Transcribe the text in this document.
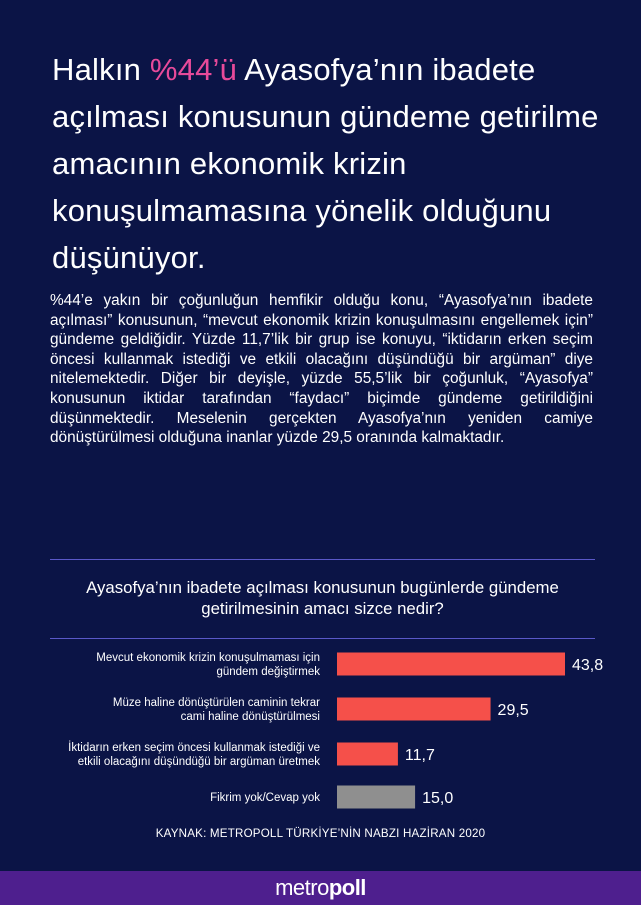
Halkın %44’ü Ayasofya’nın ibadete açılması konusunun gündeme getirilme amacının ekonomik krizin konuşulmamasına yönelik olduğunu düşünüyor.

%44’e yakın bir çoğunluğun hemfikir olduğu konu, “Ayasofya’nın ibadete açılması” konusunun, “mevcut ekonomik krizin konuşulmasını engellemek için” gündeme geldiğidir. Yüzde 11,7’lik bir grup ise konuyu, “iktidarın erken seçim öncesi kullanmak istediği ve etkili olacağını düşündüğü bir argüman” diye nitelemektedir. Diğer bir deyişle, yüzde 55,5’lik bir çoğunluk, “Ayasofya” konusunun iktidar tarafından “faydacı” biçimde gündeme getirildiğini düşünmektedir. Meselenin gerçekten Ayasofya’nın yeniden camiye dönüştürülmesi olduğuna inanlar yüzde 29,5 oranında kalmaktadır.

Ayasofya’nın ibadete açılması konusunun bugünlerde gündeme getirilmesinin amacı sizce nedir?
43,8
Mevcut ekonomik krizin konuşulmaması için gündem değiştirmek
29,5
Müze haline dönüştürülen caminin tekrar cami haline dönüştürülmesi
11,7
İktidarın erken seçim öncesi kullanmak istediği ve etkili olacağını düşündüğü bir argüman üretmek
15,0
Fikrim yok/Cevap yok
KAYNAK: METROPOLL TÜRKİYE’NİN NABZI HAZİRAN 2020
metropoll
